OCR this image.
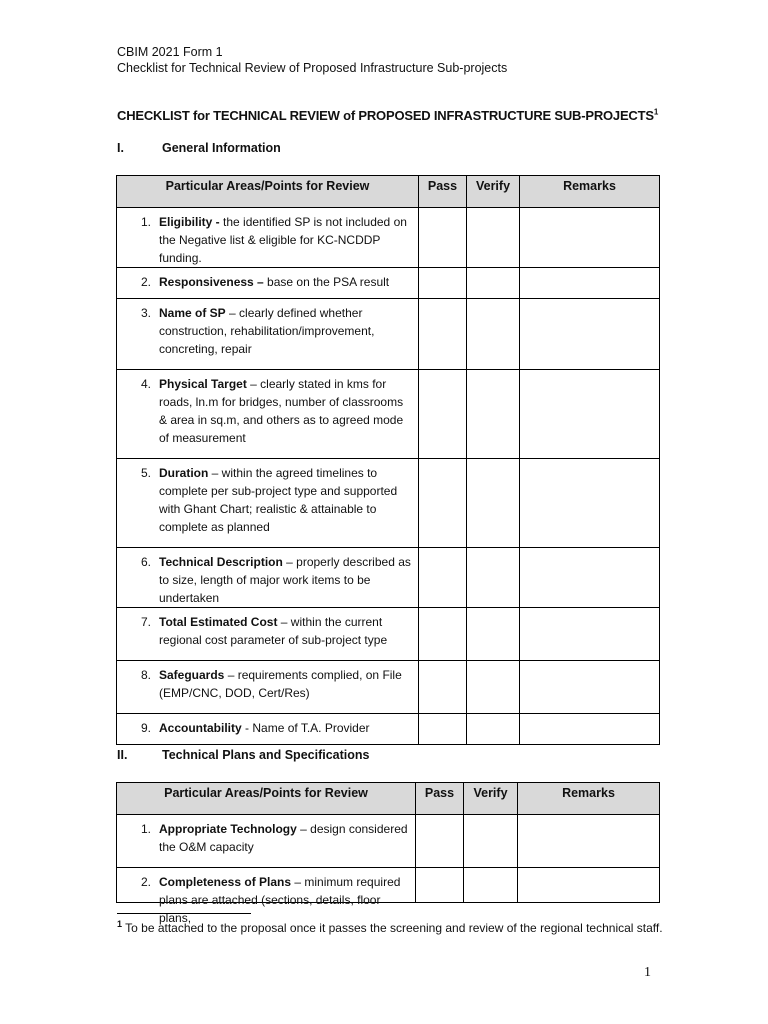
CBIM 2021 Form 1
Checklist for Technical Review of Proposed Infrastructure Sub-projects
CHECKLIST for TECHNICAL REVIEW of PROPOSED INFRASTRUCTURE SUB-PROJECTS$^1$
I.	General Information
Particular Areas/Points for Review	Pass	Verify	Remarks

1. Eligibility - the identified SP is not included on the Negative list & eligible for KC-NCDDP funding.			

2. Responsiveness – base on the PSA result			

3. Name of SP – clearly defined whether construction, rehabilitation/improvement, concreting, repair			

4. Physical Target – clearly stated in kms for roads, ln.m for bridges, number of classrooms & area in sq.m, and others as to agreed mode of measurement			

5. Duration – within the agreed timelines to complete per sub-project type and supported with Ghant Chart; realistic & attainable to complete as planned			

6. Technical Description – properly described as to size, length of major work items to be undertaken			

7. Total Estimated Cost – within the current regional cost parameter of sub-project type			

8. Safeguards – requirements complied, on File (EMP/CNC, DOD, Cert/Res)			

9. Accountability - Name of T.A. Provider			

II.	Technical Plans and Specifications
Particular Areas/Points for Review	Pass	Verify	Remarks

1. Appropriate Technology – design considered the O&M capacity			

2. Completeness of Plans – minimum required plans are attached (sections, details, floor plans,			

$^1$ To be attached to the proposal once it passes the screening and review of the regional technical staff.
1
